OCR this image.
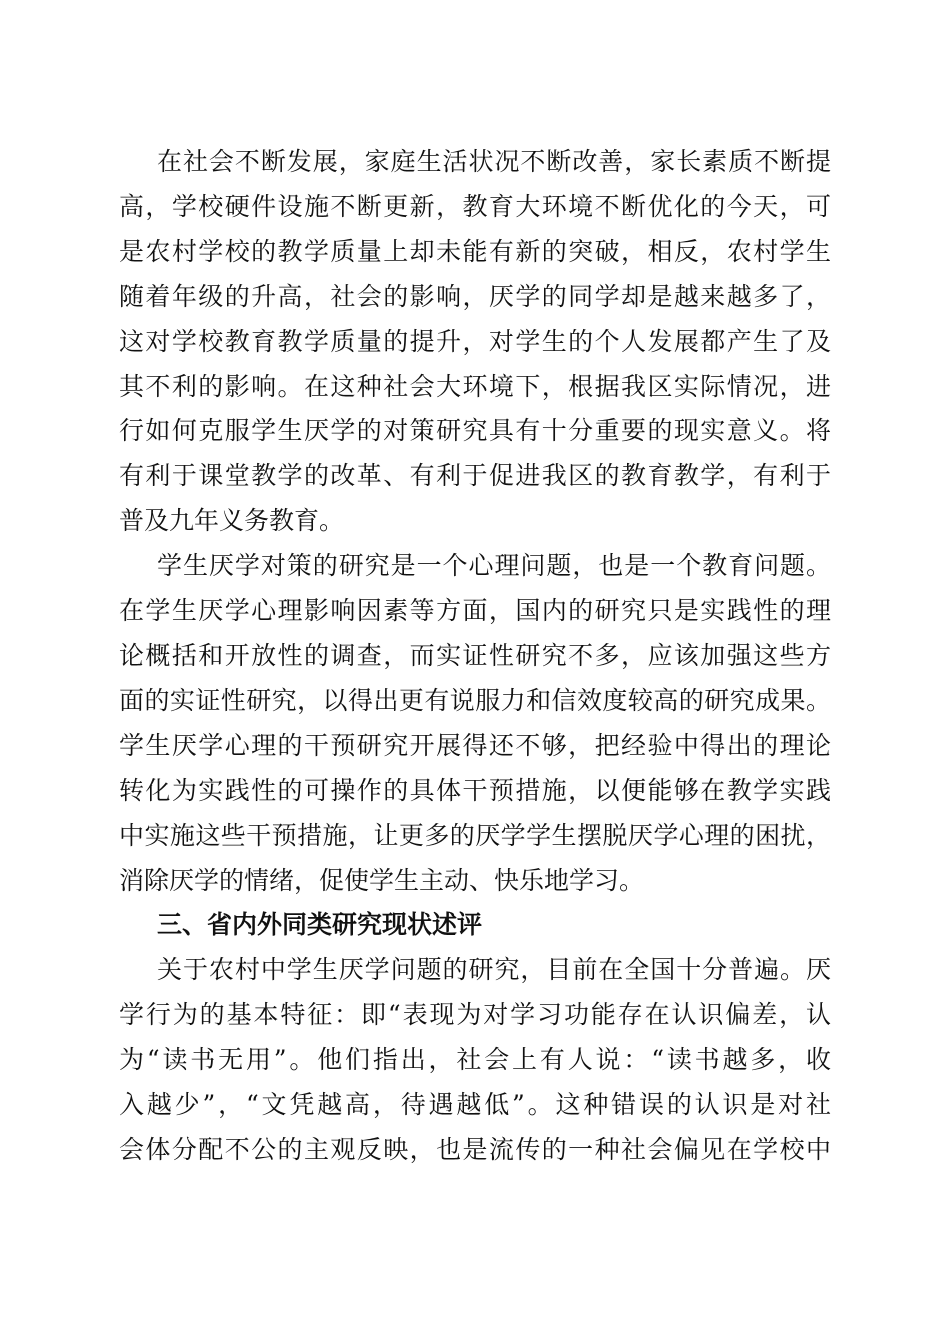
在社会不断发展，家庭生活状况不断改善，家长素质不断提
高，学校硬件设施不断更新，教育大环境不断优化的今天，可
是农村学校的教学质量上却未能有新的突破，相反，农村学生
随着年级的升高，社会的影响，厌学的同学却是越来越多了，
这对学校教育教学质量的提升，对学生的个人发展都产生了及
其不利的影响。在这种社会大环境下，根据我区实际情况，进
行如何克服学生厌学的对策研究具有十分重要的现实意义。将
有利于课堂教学的改革、有利于促进我区的教育教学，有利于
普及九年义务教育。

学生厌学对策的研究是一个心理问题，也是一个教育问题。
在学生厌学心理影响因素等方面，国内的研究只是实践性的理
论概括和开放性的调查，而实证性研究不多，应该加强这些方
面的实证性研究，以得出更有说服力和信效度较高的研究成果。
学生厌学心理的干预研究开展得还不够，把经验中得出的理论
转化为实践性的可操作的具体干预措施，以便能够在教学实践
中实施这些干预措施，让更多的厌学学生摆脱厌学心理的困扰，
消除厌学的情绪，促使学生主动、快乐地学习。

三、省内外同类研究现状述评

关于农村中学生厌学问题的研究，目前在全国十分普遍。厌
学行为的基本特征：即“表现为对学习功能存在认识偏差，认
为“读书无用”。他们指出，社会上有人说：“读书越多，收
入越少”，“文凭越高，待遇越低”。这种错误的认识是对社
会体分配不公的主观反映，也是流传的一种社会偏见在学校中
